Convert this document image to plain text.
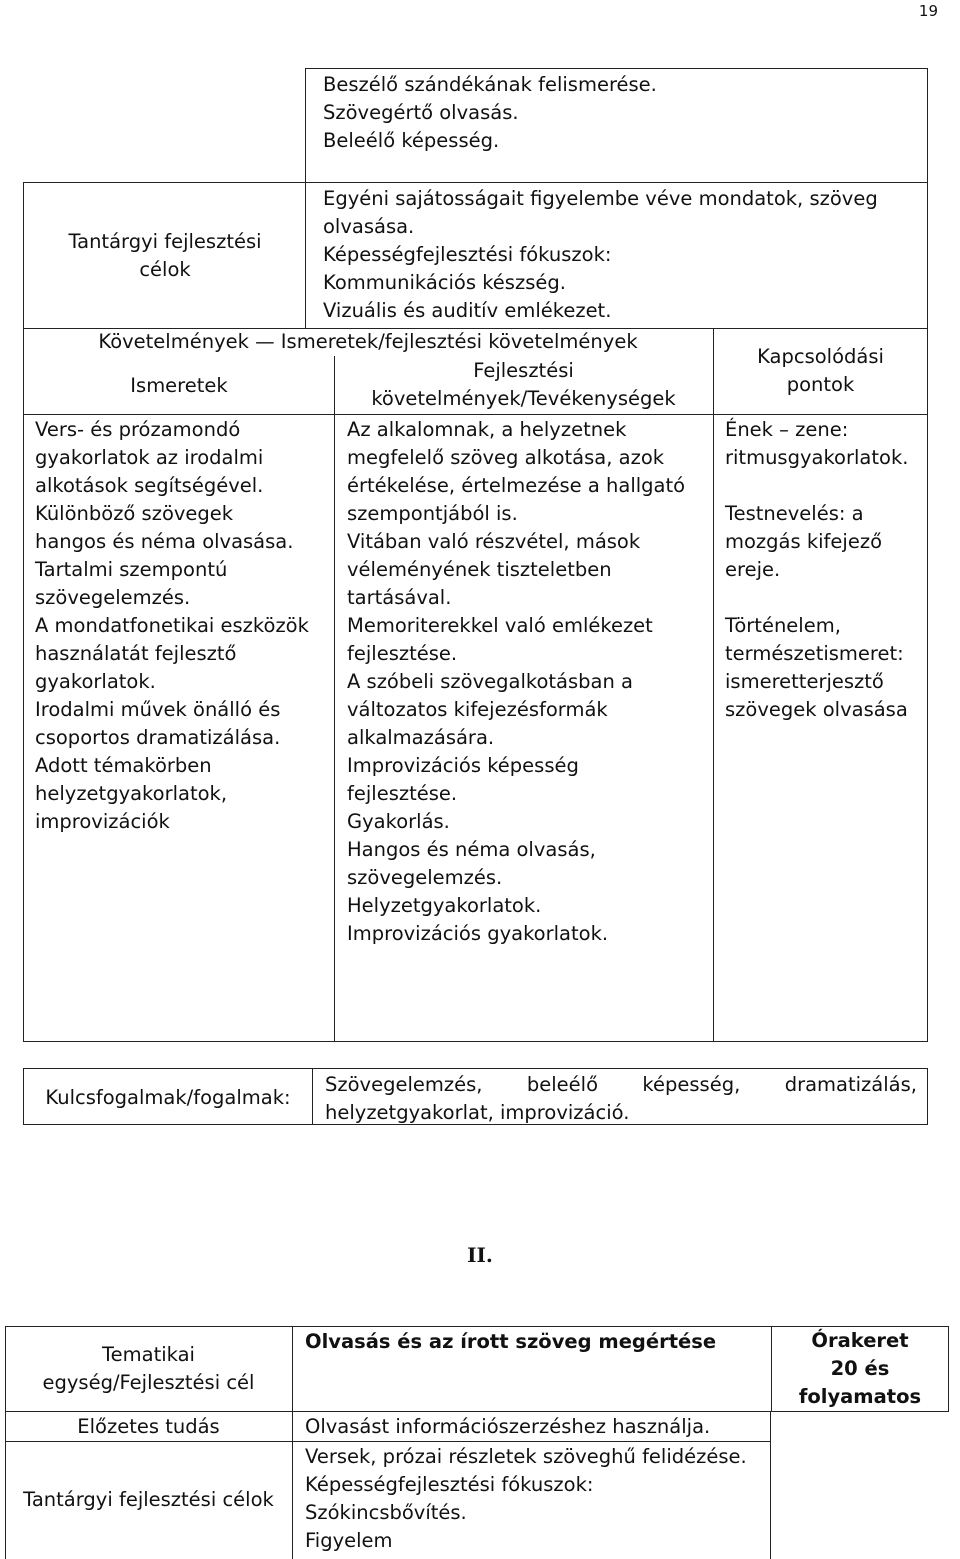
19
Beszélő szándékának felismerése.
Szövegértő olvasás.
Beleélő képesség.
Tantárgyi fejlesztési
célok
Egyéni sajátosságait figyelembe véve mondatok, szöveg
olvasása.
Képességfejlesztési fókuszok:
Kommunikációs készség.
Vizuális és auditív emlékezet.
Követelmények — Ismeretek/fejlesztési követelmények
Kapcsolódási
pontok
Ismeretek
Fejlesztési
követelmények/Tevékenységek
Vers- és prózamondó
gyakorlatok az irodalmi
alkotások segítségével.
Különböző szövegek
hangos és néma olvasása.
Tartalmi szempontú
szövegelemzés.
A mondatfonetikai eszközök
használatát fejlesztő
gyakorlatok.
Irodalmi művek önálló és
csoportos dramatizálása.
Adott témakörben
helyzetgyakorlatok,
improvizációk
Az alkalomnak, a helyzetnek
megfelelő szöveg alkotása, azok
értékelése, értelmezése a hallgató
szempontjából is.
Vitában való részvétel, mások
véleményének tiszteletben
tartásával.
Memoriterekkel való emlékezet
fejlesztése.
A szóbeli szövegalkotásban a
változatos kifejezésformák
alkalmazására.
Improvizációs képesség
fejlesztése.
Gyakorlás.
Hangos és néma olvasás,
szövegelemzés.
Helyzetgyakorlatok.
Improvizációs gyakorlatok.
Ének – zene:
ritmusgyakorlatok.
Testnevelés: a
mozgás kifejező
ereje.
Történelem,
természetismeret:
ismeretterjesztő
szövegek olvasása
Kulcsfogalmak/fogalmak:
Szövegelemzés, beleélő képesség, dramatizálás,
helyzetgyakorlat, improvizáció.
II.
Tematikai
egység/Fejlesztési cél
Olvasás és az írott szöveg megértése	Órakeret
20 és
folyamatos
Előzetes tudás	Olvasást információszerzéshez használja.
Tantárgyi fejlesztési célok
Versek, prózai részletek szöveghű felidézése.
Képességfejlesztési fókuszok:
Szókincsbővítés.
Figyelem
